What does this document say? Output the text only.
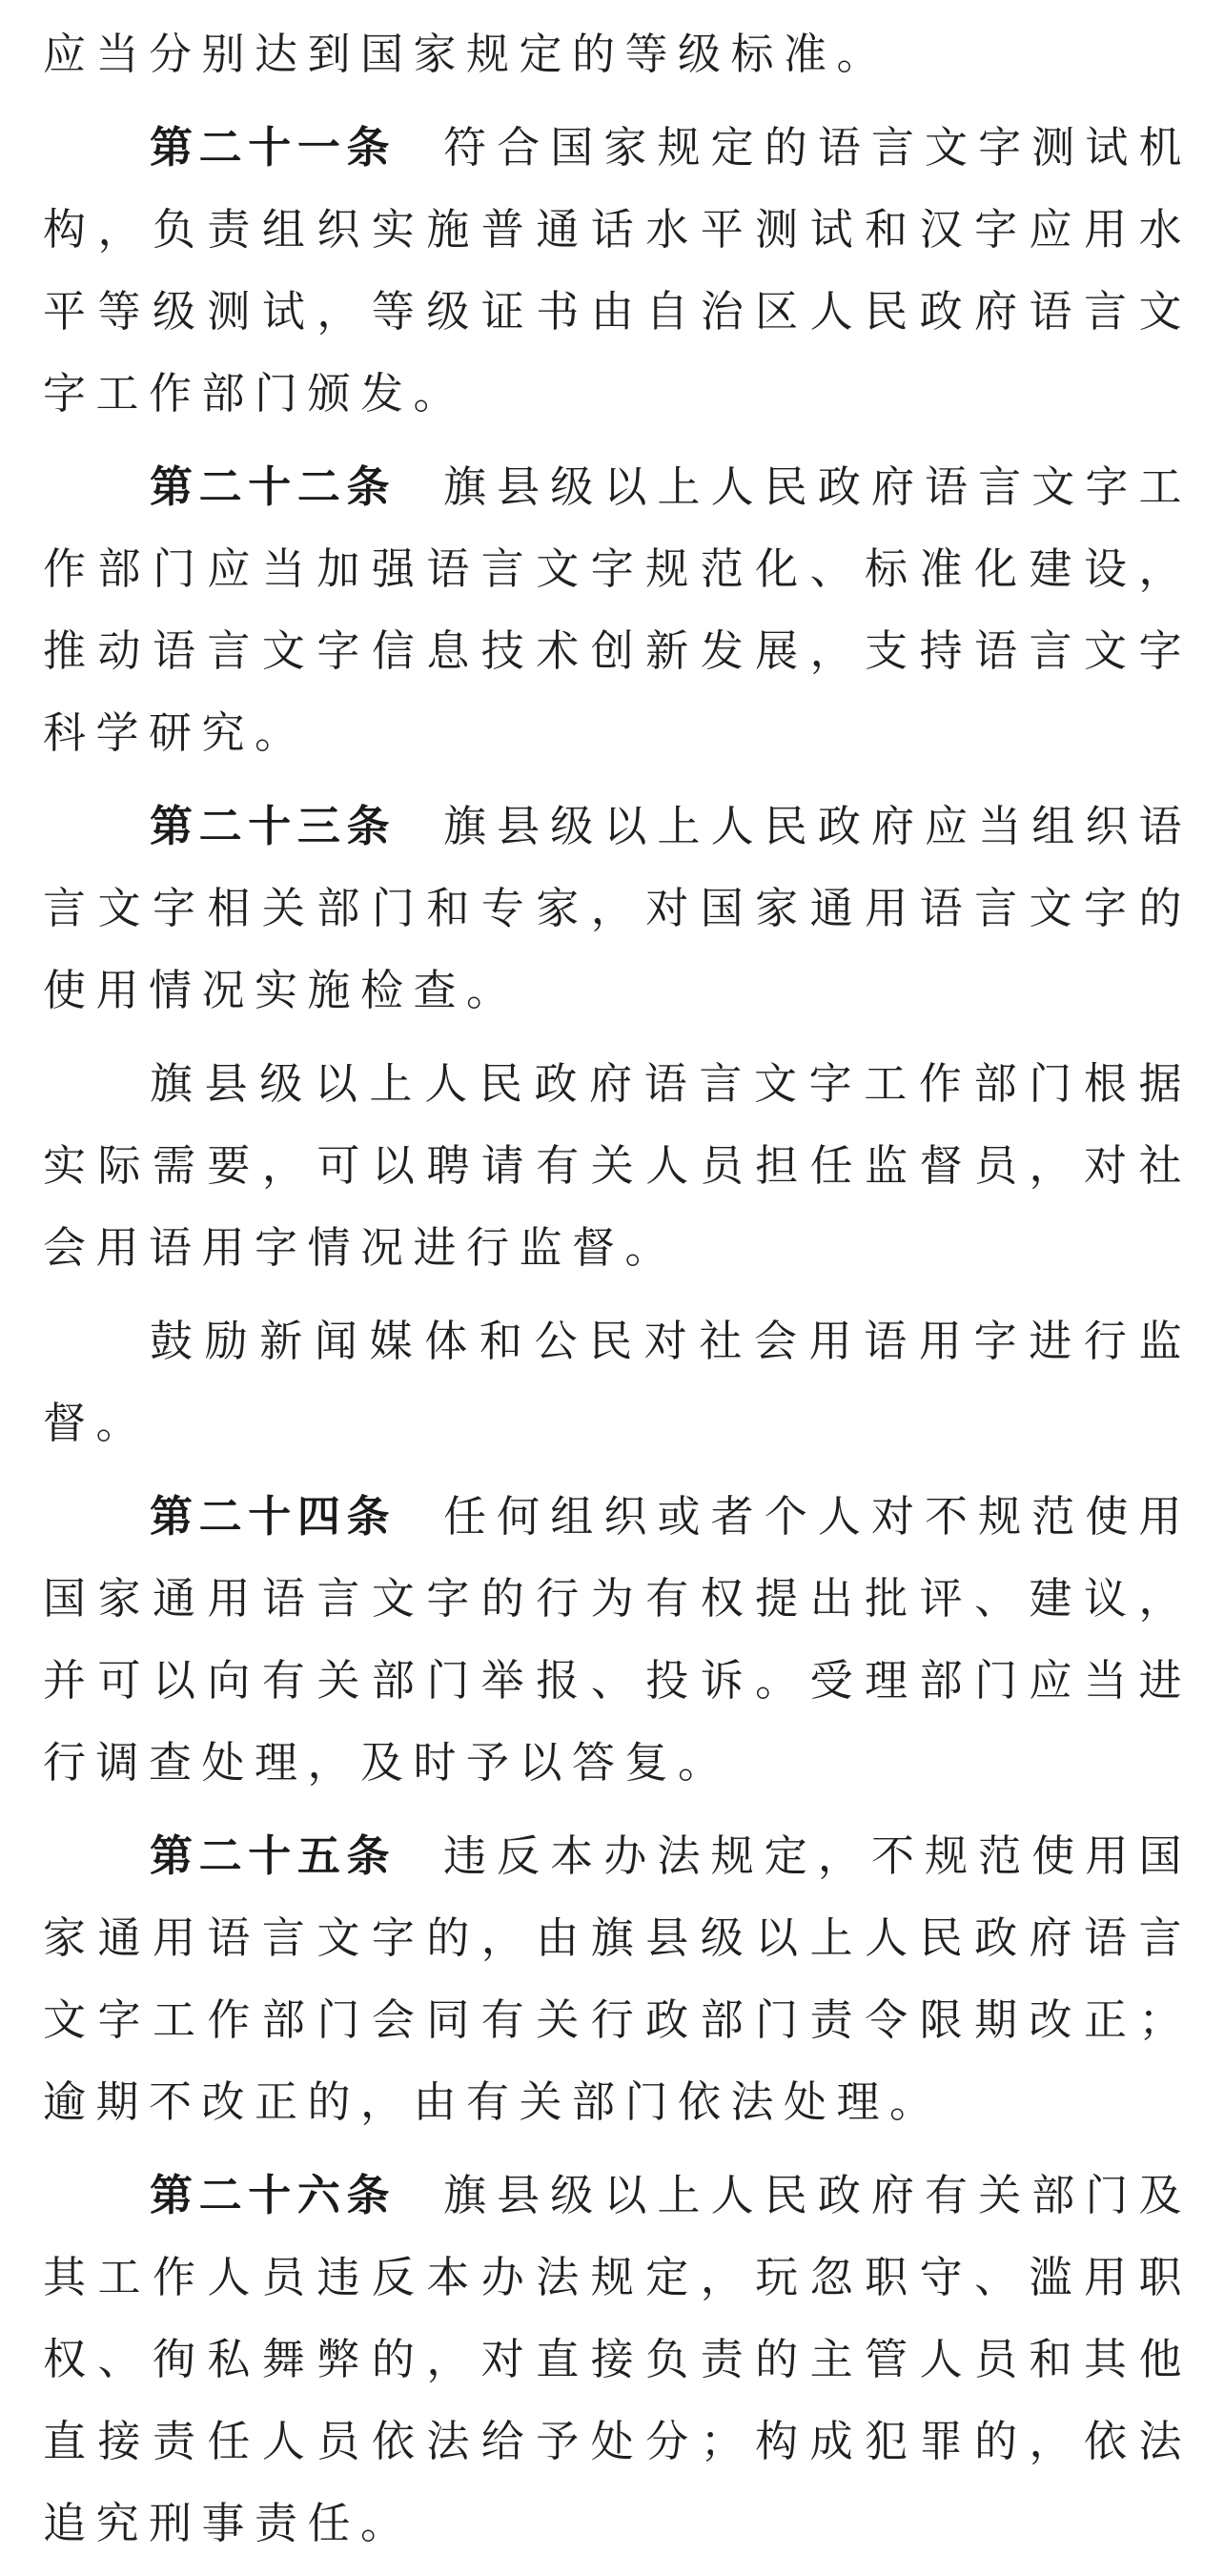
应当分别达到国家规定的等级标准。

第二十一条 符合国家规定的语言文字测试机构，负责组织实施普通话水平测试和汉字应用水平等级测试，等级证书由自治区人民政府语言文字工作部门颁发。

第二十二条 旗县级以上人民政府语言文字工作部门应当加强语言文字规范化、标准化建设，推动语言文字信息技术创新发展，支持语言文字科学研究。

第二十三条 旗县级以上人民政府应当组织语言文字相关部门和专家，对国家通用语言文字的使用情况实施检查。

旗县级以上人民政府语言文字工作部门根据实际需要，可以聘请有关人员担任监督员，对社会用语用字情况进行监督。

鼓励新闻媒体和公民对社会用语用字进行监督。

第二十四条 任何组织或者个人对不规范使用国家通用语言文字的行为有权提出批评、建议，并可以向有关部门举报、投诉。受理部门应当进行调查处理，及时予以答复。

第二十五条 违反本办法规定，不规范使用国家通用语言文字的，由旗县级以上人民政府语言文字工作部门会同有关行政部门责令限期改正；逾期不改正的，由有关部门依法处理。

第二十六条 旗县级以上人民政府有关部门及其工作人员违反本办法规定，玩忽职守、滥用职权、徇私舞弊的，对直接负责的主管人员和其他直接责任人员依法给予处分；构成犯罪的，依法追究刑事责任。
